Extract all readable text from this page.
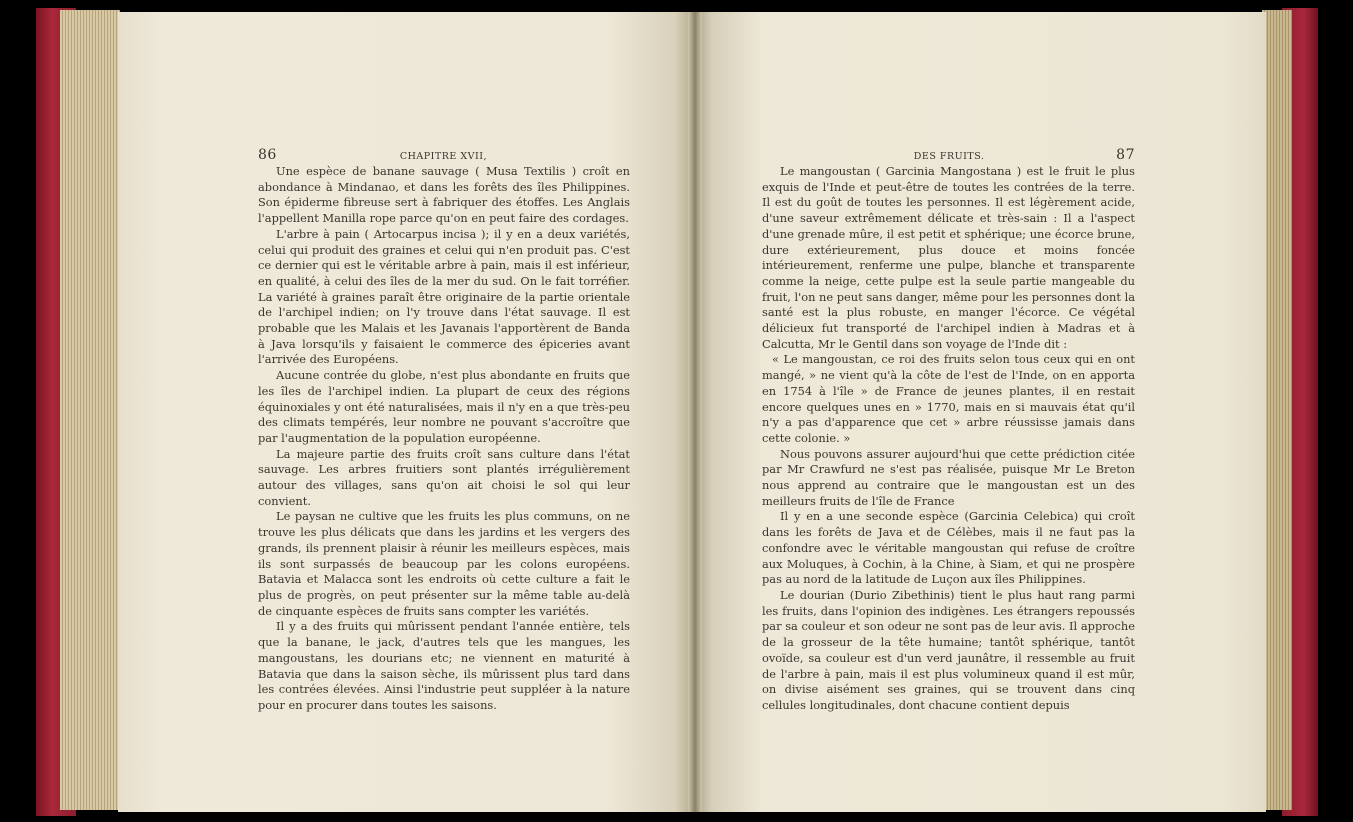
86	CHAPITRE XVII,

Une espèce de banane sauvage ( Musa Textilis ) croît en abondance à Mindanao, et dans les forêts des îles Philippines. Son épiderme fibreuse sert à fabriquer des étoffes. Les Anglais l'appellent Manilla rope parce qu'on en peut faire des cordages.

L'arbre à pain ( Artocarpus incisa ); il y en a deux variétés, celui qui produit des graines et celui qui n'en produit pas. C'est ce dernier qui est le véritable arbre à pain, mais il est inférieur, en qualité, à celui des îles de la mer du sud. On le fait torréfier. La variété à graines paraît être originaire de la partie orientale de l'archipel indien; on l'y trouve dans l'état sauvage. Il est probable que les Malais et les Javanais l'apportèrent de Banda à Java lorsqu'ils y faisaient le commerce des épiceries avant l'arrivée des Européens.

Aucune contrée du globe, n'est plus abondante en fruits que les îles de l'archipel indien. La plupart de ceux des régions équinoxiales y ont été naturalisées, mais il n'y en a que très-peu des climats tempérés, leur nombre ne pouvant s'accroître que par l'augmentation de la population européenne.

La majeure partie des fruits croît sans culture dans l'état sauvage. Les arbres fruitiers sont plantés irrégulièrement autour des villages, sans qu'on ait choisi le sol qui leur convient.

Le paysan ne cultive que les fruits les plus communs, on ne trouve les plus délicats que dans les jardins et les vergers des grands, ils prennent plaisir à réunir les meilleurs espèces, mais ils sont surpassés de beaucoup par les colons européens. Batavia et Malacca sont les endroits où cette culture a fait le plus de progrès, on peut présenter sur la même table au-delà de cinquante espèces de fruits sans compter les variétés.

Il y a des fruits qui mûrissent pendant l'année entière, tels que la banane, le jack, d'autres tels que les mangues, les mangoustans, les dourians etc; ne viennent en maturité à Batavia que dans la saison sèche, ils mûrissent plus tard dans les contrées élevées. Ainsi l'industrie peut suppléer à la nature pour en procurer dans toutes les saisons.

DES FRUITS.	87

Le mangoustan ( Garcinia Mangostana ) est le fruit le plus exquis de l'Inde et peut-être de toutes les contrées de la terre. Il est du goût de toutes les personnes. Il est légèrement acide, d'une saveur extrêmement délicate et très-sain : Il a l'aspect d'une grenade mûre, il est petit et sphérique; une écorce brune, dure extérieurement, plus douce et moins foncée intérieurement, renferme une pulpe, blanche et transparente comme la neige, cette pulpe est la seule partie mangeable du fruit, l'on ne peut sans danger, même pour les personnes dont la santé est la plus robuste, en manger l'écorce. Ce végétal délicieux fut transporté de l'archipel indien à Madras et à Calcutta, Mr le Gentil dans son voyage de l'Inde dit :

« Le mangoustan, ce roi des fruits selon tous ceux qui en ont mangé, » ne vient qu'à la côte de l'est de l'Inde, on en apporta en 1754 à l'île » de France de jeunes plantes, il en restait encore quelques unes en » 1770, mais en si mauvais état qu'il n'y a pas d'apparence que cet » arbre réussisse jamais dans cette colonie. »

Nous pouvons assurer aujourd'hui que cette prédiction citée par Mr Crawfurd ne s'est pas réalisée, puisque Mr Le Breton nous apprend au contraire que le mangoustan est un des meilleurs fruits de l'île de France

Il y en a une seconde espèce (Garcinia Celebica) qui croît dans les forêts de Java et de Célèbes, mais il ne faut pas la confondre avec le véritable mangoustan qui refuse de croître aux Moluques, à Cochin, à la Chine, à Siam, et qui ne prospère pas au nord de la latitude de Luçon aux îles Philippines.

Le dourian (Durio Zibethinis) tient le plus haut rang parmi les fruits, dans l'opinion des indigènes. Les étrangers repoussés par sa couleur et son odeur ne sont pas de leur avis. Il approche de la grosseur de la tête humaine; tantôt sphérique, tantôt ovoïde, sa couleur est d'un verd jaunâtre, il ressemble au fruit de l'arbre à pain, mais il est plus volumineux quand il est mûr, on divise aisément ses graines, qui se trouvent dans cinq cellules longitudinales, dont chacune contient depuis
